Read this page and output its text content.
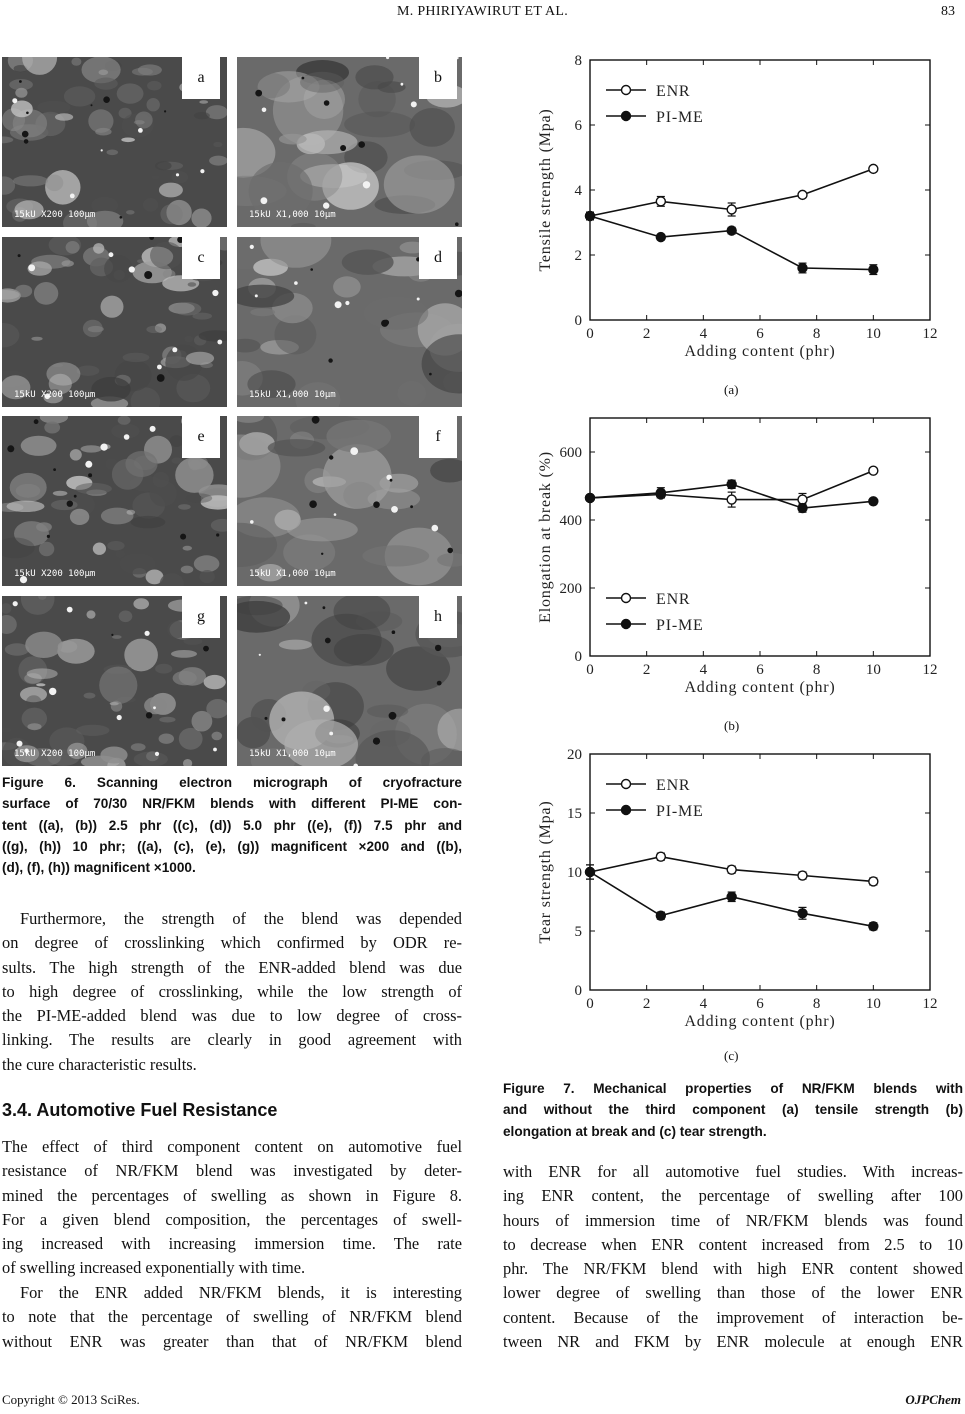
M. PHIRIYAWIRUT ET AL.	83
15kU X200 100µm
a
15kU X1,000 10µm
b
15kU X200 100µm
c
15kU X1,000 10µm
d
15kU X200 100µm
e
15kU X1,000 10µm
f
15kU X200 100µm
g
15kU X1,000 10µm
h
Figure 6. Scanning electron micrograph of cryofracture
surface of 70/30 NR/FKM blends with different PI-ME con-
tent ((a), (b)) 2.5 phr ((c), (d)) 5.0 phr ((e), (f)) 7.5 phr and
((g), (h)) 10 phr; ((a), (c), (e), (g)) magnificent ×200 and ((b),
(d), (f), (h)) magnificent ×1000.
Furthermore, the strength of the blend was depended
on degree of crosslinking which confirmed by ODR re-
sults. The high strength of the ENR-added blend was due
to high degree of crosslinking, while the low strength of
the PI-ME-added blend was due to low degree of cross-
linking. The results are clearly in good agreement with
the cure characteristic results.
3.4. Automotive Fuel Resistance
The effect of third component content on automotive fuel
resistance of NR/FKM blend was investigated by deter-
mined the percentages of swelling as shown in Figure 8.
For a given blend composition, the percentages of swell-
ing increased with increasing immersion time. The rate
of swelling increased exponentially with time.
For the ENR added NR/FKM blends, it is interesting
to note that the percentage of swelling of NR/FKM blend
without ENR was greater than that of NR/FKM blend
0	2	4	6	8	10	12
0
2
4
6
8
Adding content (phr)
Tensile strength (Mpa)
ENR
PI-ME
(a)
0	2	4	6	8	10	12
0
200
400
600
Adding content (phr)
Elongation at break (%)	ENR
PI-ME
(b)
0	2	4	6	8	10	12
0
5
10
15
20
Adding content (phr)
Tear strength (Mpa)
ENR
PI-ME
(c)
Figure 7. Mechanical properties of NR/FKM blends with
and without the third component (a) tensile strength (b)
elongation at break and (c) tear strength.
with ENR for all automotive fuel studies. With increas-
ing ENR content, the percentage of swelling after 100
hours of immersion time of NR/FKM blends was found
to decrease when ENR content increased from 2.5 to 10
phr. The NR/FKM blend with high ENR content showed
lower degree of swelling than those of the lower ENR
content. Because of the improvement of interaction be-
tween NR and FKM by ENR molecule at enough ENR
Copyright © 2013 SciRes.	OJPChem
